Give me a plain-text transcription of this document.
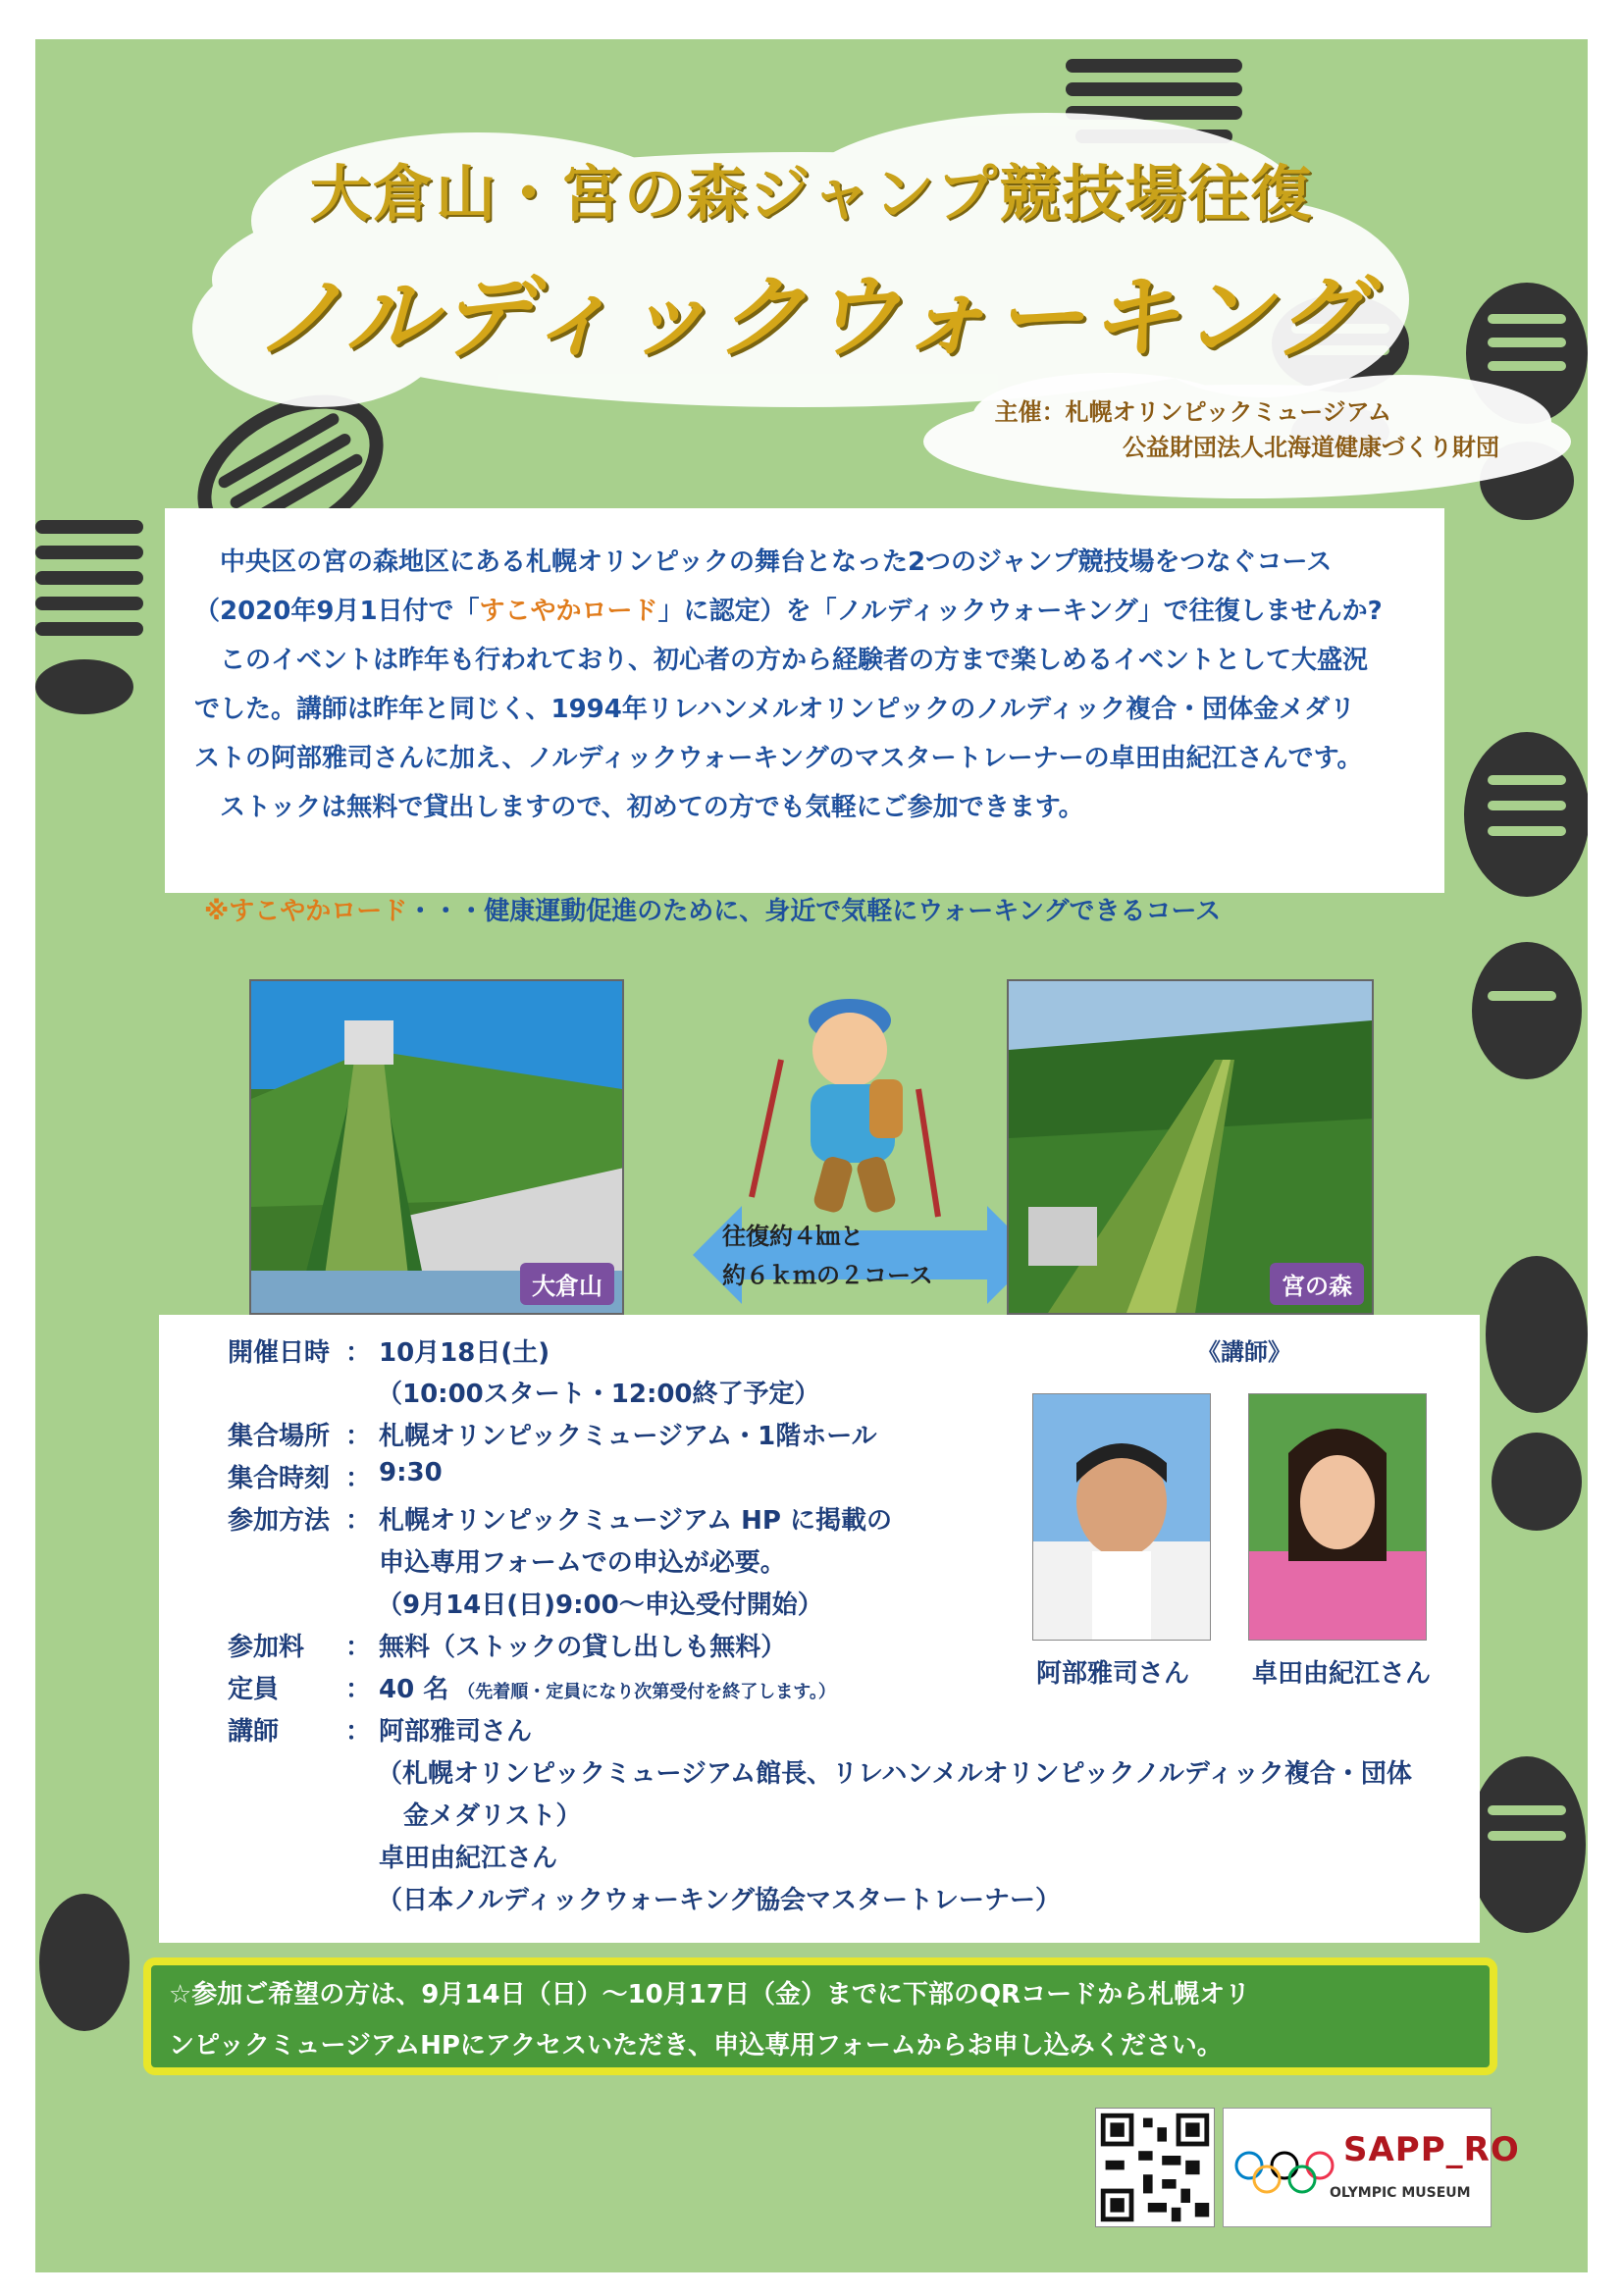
大倉山・宮の森ジャンプ競技場往復
ノルディックウォーキング
主催：札幌オリンピックミュージアム
公益財団法人北海道健康づくり財団

中央区の宮の森地区にある札幌オリンピックの舞台となった2つのジャンプ競技場をつなぐコース

（2020年9月1日付で「すこやかロード」に認定）を「ノルディックウォーキング」で往復しませんか?

このイベントは昨年も行われており、初心者の方から経験者の方まで楽しめるイベントとして大盛況

でした。講師は昨年と同じく、1994年リレハンメルオリンピックのノルディック複合・団体金メダリ

ストの阿部雅司さんに加え、ノルディックウォーキングのマスタートレーナーの卓田由紀江さんです。

ストックは無料で貸出しますので、初めての方でも気軽にご参加できます。

※すこやかロード・・・健康運動促進のために、身近で気軽にウォーキングできるコース
大倉山
往復約４㎞と
約６ｋｍの２コース	宮の森
開催日時 ： 10月18日(土)
（10:00スタート・12:00終了予定）
集合場所 ： 札幌オリンピックミュージアム・1階ホール
集合時刻 ： 9:30
参加方法 ： 札幌オリンピックミュージアム HP に掲載の
申込専用フォームでの申込が必要。
（9月14日(日)9:00～申込受付開始）
参加料 ： 無料（ストックの貸し出しも無料）
定員	： 40 名 （先着順・定員になり次第受付を終了します。）
講師	： 阿部雅司さん
（札幌オリンピックミュージアム館長、リレハンメルオリンピックノルディック複合・団体
金メダリスト）
卓田由紀江さん
（日本ノルディックウォーキング協会マスタートレーナー）
《講師》
阿部雅司さん 卓田由紀江さん

☆参加ご希望の方は、9月14日（日）～10月17日（金）までに下部のQRコードから札幌オリ

ンピックミュージアムHPにアクセスいただき、申込専用フォームからお申し込みください。

SAPP_RO
OLYMPIC MUSEUM
